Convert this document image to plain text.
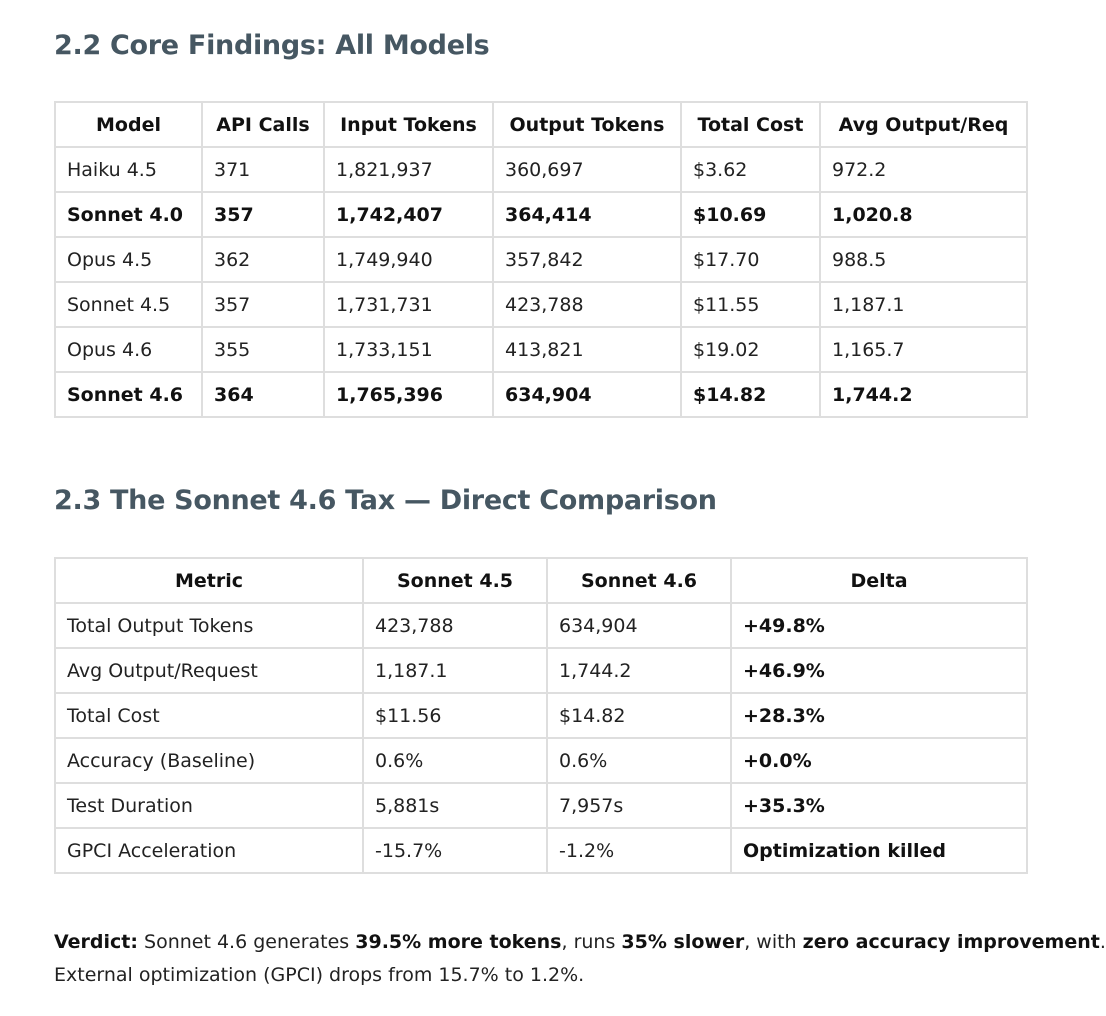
2.2 Core Findings: All Models
Model	API Calls	Input Tokens	Output Tokens	Total Cost	Avg Output/Req
Haiku 4.5	371	1,821,937	360,697	$3.62	972.2
Sonnet 4.0	357	1,742,407	364,414	$10.69	1,020.8
Opus 4.5	362	1,749,940	357,842	$17.70	988.5
Sonnet 4.5	357	1,731,731	423,788	$11.55	1,187.1
Opus 4.6	355	1,733,151	413,821	$19.02	1,165.7
Sonnet 4.6	364	1,765,396	634,904	$14.82	1,744.2
2.3 The Sonnet 4.6 Tax — Direct Comparison
Metric	Sonnet 4.5	Sonnet 4.6	Delta
Total Output Tokens	423,788	634,904	+49.8%
Avg Output/Request	1,187.1	1,744.2	+46.9%
Total Cost	$11.56	$14.82	+28.3%
Accuracy (Baseline)	0.6%	0.6%	+0.0%
Test Duration	5,881s	7,957s	+35.3%
GPCI Acceleration	-15.7%	-1.2%	Optimization killed

Verdict: Sonnet 4.6 generates 39.5% more tokens, runs 35% slower, with zero accuracy improvement.
External optimization (GPCI) drops from 15.7% to 1.2%.
